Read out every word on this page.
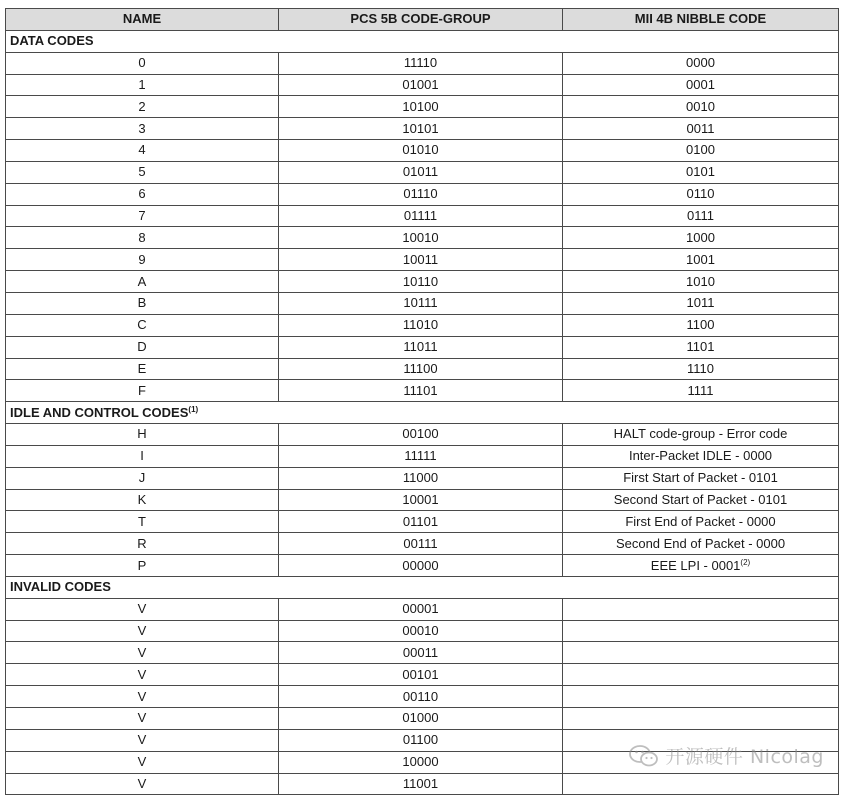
NAME	PCS 5B CODE-GROUP	MII 4B NIBBLE CODE
DATA CODES		
0	11110	0000
1	01001	0001
2	10100	0010
3	10101	0011
4	01010	0100
5	01011	0101
6	01110	0110
7	01111	0111
8	10010	1000
9	10011	1001
A	10110	1010
B	10111	1011
C	11010	1100
D	11011	1101
E	11100	1110
F	11101	1111
IDLE AND CONTROL CODES$^{(1)}$
H	00100	HALT code-group - Error code
I	11111	Inter-Packet IDLE - 0000
J	11000	First Start of Packet - 0101
K	10001	Second Start of Packet - 0101
T	01101	First End of Packet - 0000
R	00111	Second End of Packet - 0000
P	00000	EEE LPI - 0001$^{(2)}$
INVALID CODES		
V	00001	
V	00010	
V	00011	
V	00101	
V	00110	
V	01000	
V	01100	
V	10000	
V	11001	
开源硬件 Nicolag
